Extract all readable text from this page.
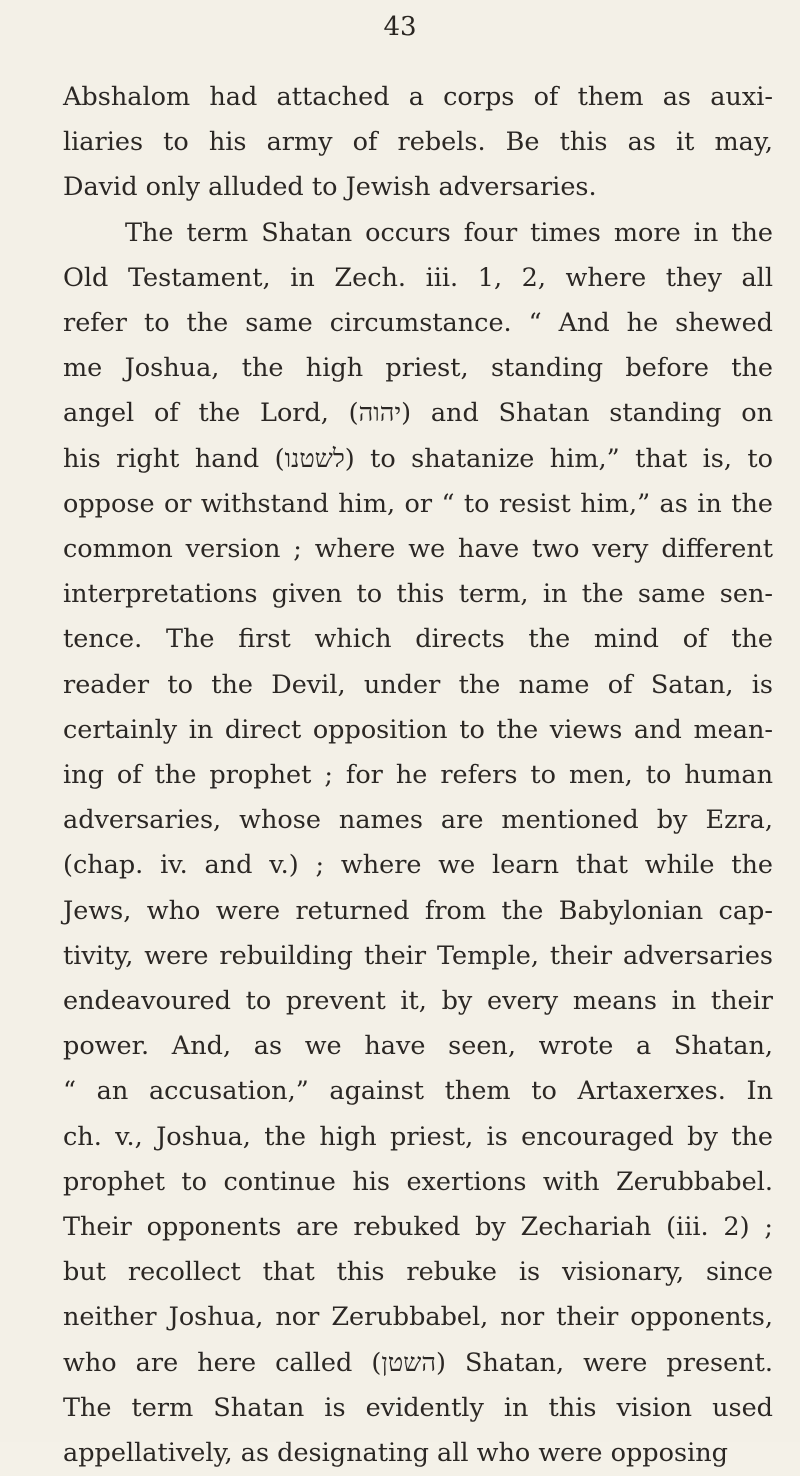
43
Abshalom had attached a corps of them as auxi-
liaries to his army of rebels. Be this as it may,
David only alluded to Jewish adversaries.
The term Shatan occurs four times more in the
Old Testament, in Zech. iii. 1, 2, where they all
refer to the same circumstance. “ And he shewed
me Joshua, the high priest, standing before the
angel of the Lord, (יהוה) and Shatan standing on
his right hand (לשטנו) to shatanize him,” that is, to
oppose or withstand him, or “ to resist him,” as in the
common version ; where we have two very different
interpretations given to this term, in the same sen-
tence. The first which directs the mind of the
reader to the Devil, under the name of Satan, is
certainly in direct opposition to the views and mean-
ing of the prophet ; for he refers to men, to human
adversaries, whose names are mentioned by Ezra,
(chap. iv. and v.) ; where we learn that while the
Jews, who were returned from the Babylonian cap-
tivity, were rebuilding their Temple, their adversaries
endeavoured to prevent it, by every means in their
power. And, as we have seen, wrote a Shatan,
“ an accusation,” against them to Artaxerxes. In
ch. v., Joshua, the high priest, is encouraged by the
prophet to continue his exertions with Zerubbabel.
Their opponents are rebuked by Zechariah (iii. 2) ;
but recollect that this rebuke is visionary, since
neither Joshua, nor Zerubbabel, nor their opponents,
who are here called (השטן) Shatan, were present.
The term Shatan is evidently in this vision used
appellatively, as designating all who were opposing
